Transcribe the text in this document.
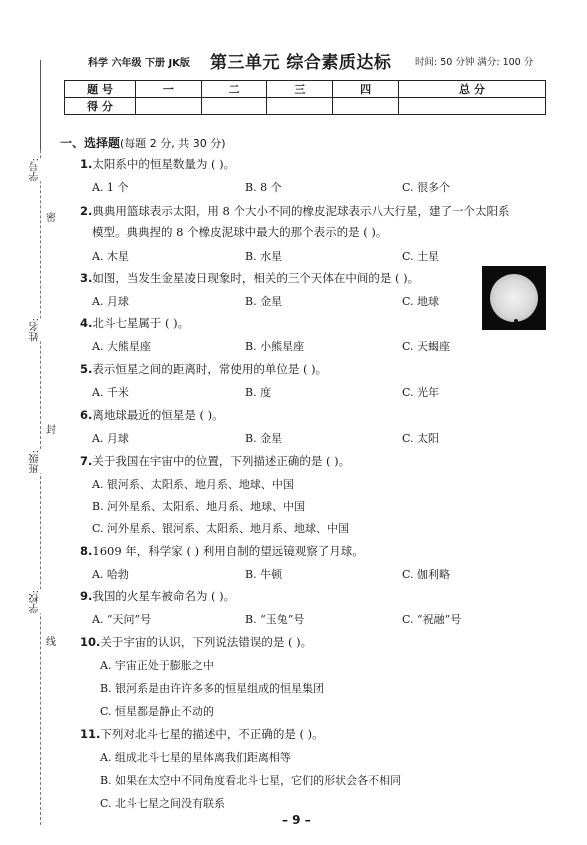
科学 六年级 下册 JK版 第三单元 综合素质达标 时间: 50 分钟 满分: 100 分
题 号	一	二	三	四	总 分
得 分					
学号:
姓名:
班级:
学校:
密
封
线
一、选择题(每题 2 分, 共 30 分)
1.太阳系中的恒星数量为 ( )。
A. 1 个	B. 8 个	C. 很多个
2.典典用篮球表示太阳，用 8 个大小不同的橡皮泥球表示八大行星，建了一个太阳系
模型。典典捏的 8 个橡皮泥球中最大的那个表示的是 ( )。
A. 木星	B. 水星	C. 土星
3.如图，当发生金星凌日现象时，相关的三个天体在中间的是 ( )。
A. 月球	B. 金星	C. 地球
4.北斗七星属于 ( )。
A. 大熊星座	B. 小熊星座	C. 天蝎座
5.表示恒星之间的距离时，常使用的单位是 ( )。
A. 千米	B. 度	C. 光年
6.离地球最近的恒星是 ( )。
A. 月球	B. 金星	C. 太阳
7.关于我国在宇宙中的位置，下列描述正确的是 ( )。
A. 银河系、太阳系、地月系、地球、中国
B. 河外星系、太阳系、地月系、地球、中国
C. 河外星系、银河系、太阳系、地月系、地球、中国
8.1609 年，科学家 ( ) 利用自制的望远镜观察了月球。
A. 哈勃	B. 牛顿	C. 伽利略
9.我国的火星车被命名为 ( )。
A. “天问”号	B. “玉兔”号	C. “祝融”号
10.关于宇宙的认识，下列说法错误的是 ( )。
A. 宇宙正处于膨胀之中
B. 银河系是由许许多多的恒星组成的恒星集团
C. 恒星都是静止不动的
11.下列对北斗七星的描述中，不正确的是 ( )。
A. 组成北斗七星的星体离我们距离相等
B. 如果在太空中不同角度看北斗七星，它们的形状会各不相同
C. 北斗七星之间没有联系
– 9 –
